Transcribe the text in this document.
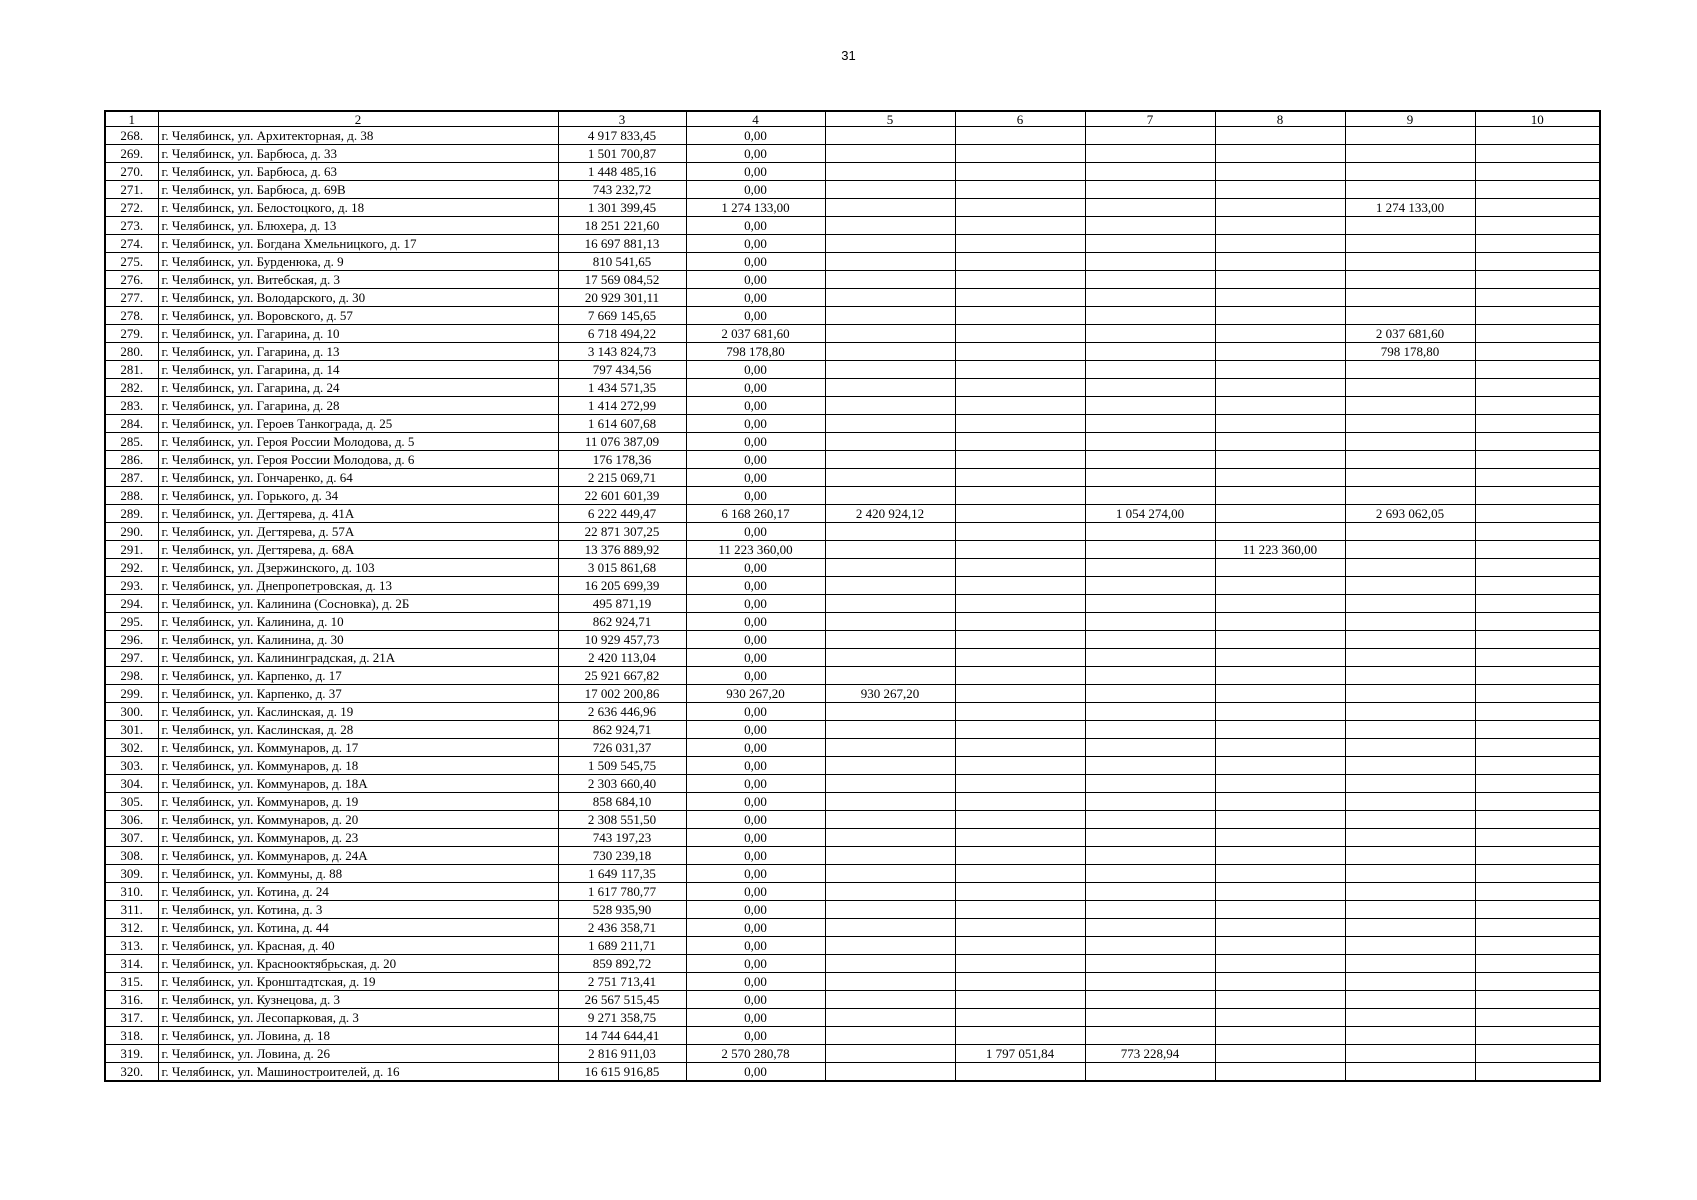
31
1	2	3	4	5	6	7	8	9	10
268.	г. Челябинск, ул. Архитекторная, д. 38	4 917 833,45	0,00						
269.	г. Челябинск, ул. Барбюса, д. 33	1 501 700,87	0,00						
270.	г. Челябинск, ул. Барбюса, д. 63	1 448 485,16	0,00						
271.	г. Челябинск, ул. Барбюса, д. 69В	743 232,72	0,00						
272.	г. Челябинск, ул. Белостоцкого, д. 18	1 301 399,45	1 274 133,00					1 274 133,00	
273.	г. Челябинск, ул. Блюхера, д. 13	18 251 221,60	0,00						
274.	г. Челябинск, ул. Богдана Хмельницкого, д. 17	16 697 881,13	0,00						
275.	г. Челябинск, ул. Бурденюка, д. 9	810 541,65	0,00						
276.	г. Челябинск, ул. Витебская, д. 3	17 569 084,52	0,00						
277.	г. Челябинск, ул. Володарского, д. 30	20 929 301,11	0,00						
278.	г. Челябинск, ул. Воровского, д. 57	7 669 145,65	0,00						
279.	г. Челябинск, ул. Гагарина, д. 10	6 718 494,22	2 037 681,60					2 037 681,60	
280.	г. Челябинск, ул. Гагарина, д. 13	3 143 824,73	798 178,80					798 178,80	
281.	г. Челябинск, ул. Гагарина, д. 14	797 434,56	0,00						
282.	г. Челябинск, ул. Гагарина, д. 24	1 434 571,35	0,00						
283.	г. Челябинск, ул. Гагарина, д. 28	1 414 272,99	0,00						
284.	г. Челябинск, ул. Героев Танкограда, д. 25	1 614 607,68	0,00						
285.	г. Челябинск, ул. Героя России Молодова, д. 5	11 076 387,09	0,00						
286.	г. Челябинск, ул. Героя России Молодова, д. 6	176 178,36	0,00						
287.	г. Челябинск, ул. Гончаренко, д. 64	2 215 069,71	0,00						
288.	г. Челябинск, ул. Горького, д. 34	22 601 601,39	0,00						
289.	г. Челябинск, ул. Дегтярева, д. 41А	6 222 449,47	6 168 260,17	2 420 924,12		1 054 274,00		2 693 062,05	
290.	г. Челябинск, ул. Дегтярева, д. 57А	22 871 307,25	0,00						
291.	г. Челябинск, ул. Дегтярева, д. 68А	13 376 889,92	11 223 360,00				11 223 360,00		
292.	г. Челябинск, ул. Дзержинского, д. 103	3 015 861,68	0,00						
293.	г. Челябинск, ул. Днепропетровская, д. 13	16 205 699,39	0,00						
294.	г. Челябинск, ул. Калинина (Сосновка), д. 2Б	495 871,19	0,00						
295.	г. Челябинск, ул. Калинина, д. 10	862 924,71	0,00						
296.	г. Челябинск, ул. Калинина, д. 30	10 929 457,73	0,00						
297.	г. Челябинск, ул. Калининградская, д. 21А	2 420 113,04	0,00						
298.	г. Челябинск, ул. Карпенко, д. 17	25 921 667,82	0,00						
299.	г. Челябинск, ул. Карпенко, д. 37	17 002 200,86	930 267,20	930 267,20					
300.	г. Челябинск, ул. Каслинская, д. 19	2 636 446,96	0,00						
301.	г. Челябинск, ул. Каслинская, д. 28	862 924,71	0,00						
302.	г. Челябинск, ул. Коммунаров, д. 17	726 031,37	0,00						
303.	г. Челябинск, ул. Коммунаров, д. 18	1 509 545,75	0,00						
304.	г. Челябинск, ул. Коммунаров, д. 18А	2 303 660,40	0,00						
305.	г. Челябинск, ул. Коммунаров, д. 19	858 684,10	0,00						
306.	г. Челябинск, ул. Коммунаров, д. 20	2 308 551,50	0,00						
307.	г. Челябинск, ул. Коммунаров, д. 23	743 197,23	0,00						
308.	г. Челябинск, ул. Коммунаров, д. 24А	730 239,18	0,00						
309.	г. Челябинск, ул. Коммуны, д. 88	1 649 117,35	0,00						
310.	г. Челябинск, ул. Котина, д. 24	1 617 780,77	0,00						
311.	г. Челябинск, ул. Котина, д. 3	528 935,90	0,00						
312.	г. Челябинск, ул. Котина, д. 44	2 436 358,71	0,00						
313.	г. Челябинск, ул. Красная, д. 40	1 689 211,71	0,00						
314.	г. Челябинск, ул. Краснооктябрьская, д. 20	859 892,72	0,00						
315.	г. Челябинск, ул. Кронштадтская, д. 19	2 751 713,41	0,00						
316.	г. Челябинск, ул. Кузнецова, д. 3	26 567 515,45	0,00						
317.	г. Челябинск, ул. Лесопарковая, д. 3	9 271 358,75	0,00						
318.	г. Челябинск, ул. Ловина, д. 18	14 744 644,41	0,00						
319.	г. Челябинск, ул. Ловина, д. 26	2 816 911,03	2 570 280,78		1 797 051,84	773 228,94			
320.	г. Челябинск, ул. Машиностроителей, д. 16	16 615 916,85	0,00						
